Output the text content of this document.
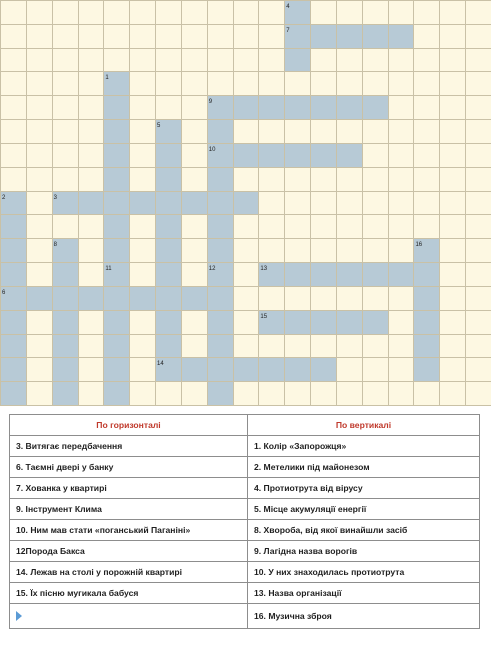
4
7
1
9
5
10
2	3
8	16
11	12	13
6
15
14
По горизонталі	По вертикалі
3. Витягає передбачення	1. Колір «Запорожця»
6. Таємні двері у банку	2. Метелики під майонезом
7. Хованка у квартирі	4. Протиотрута від вірусу
9. Інструмент Клима	5. Місце акумуляції енергії
10. Ним мав стати «поганський Паганіні»	8. Хвороба, від якої винайшли засіб
12Порода Бакса	9. Лагідна назва ворогів
14. Лежав на столі у порожній квартирі	10. У них знаходилась протиотрута
15. Їх пісню мугикала бабуся	13. Назва організації
	16. Музична зброя
